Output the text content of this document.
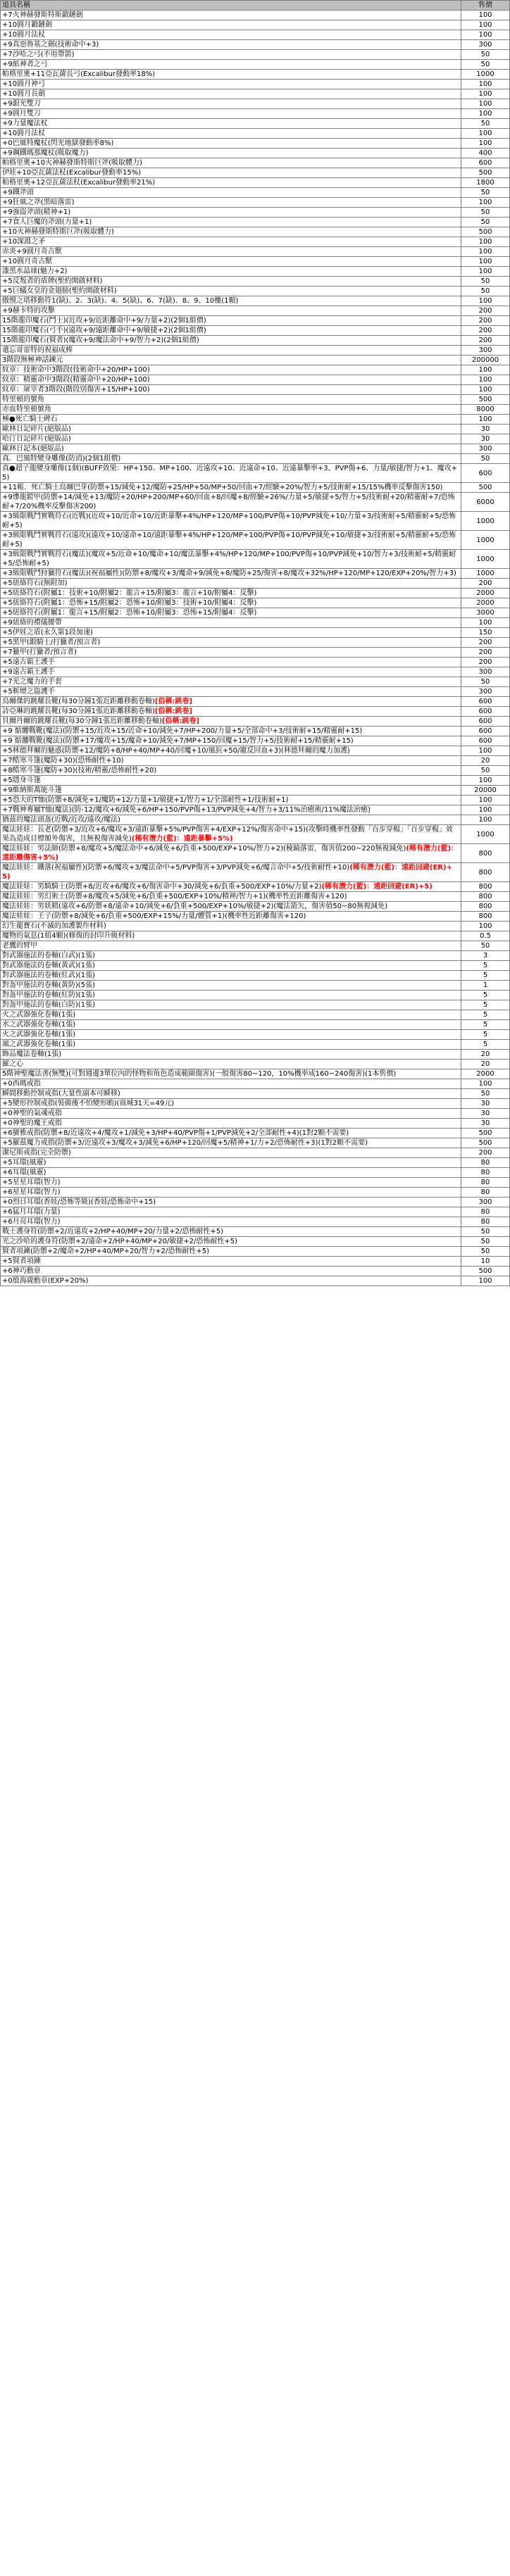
道具名稱	售價
+7火神赫發斯特斯鍛鏈劍	100
+10圓月鍛鏈劍	100
+10圓月法杖	100
+9真惡魯基之劍(技術命中+3)	300
+7沙哈之弓(不用帶箭)	50
+9紙神者之弓	50
帕格里奧+11亞瓦薩長弓(Excalibur發動率18%)	1000
+10圓月神弓	100
+10圓月長劍	100
+9銀光雙刀	100
+9圓月雙刀	100
+9力量魔法杖	50
+10圓月法杖	100
+0巴風特魔杖(閃光地獄發動率8%)	100
+9鋼鐵瑪那魔杖(吸取魔力)	400
帕格里奧+10火神赫發斯特斯巨斧(吸取體力)	600
伊娃+10亞瓦薩法杖(Excalibur發動率15%)	500
帕格里奧+12亞瓦薩法杖(Excalibur發動率21%)	1800
+9鐵斧頭	50
+9狂風之斧(黑暗落雷)	100
+9強盜斧頭(精神+1)	50
+7食人巨魔的斧頭(力量+1)	50
+10火神赫發斯特斯巨斧(吸取體力)	500
+10深淵之矛	100
赤炎+9圓月奇古獸	100
+10圓月奇古獸	100
漆黑水晶球(魅力+2)	100
+5反叛者的盾牌(聖約開啟材料)	50
+5巨蟻女皇的金翅膀(聖約開啟材料)	50
傲慢之塔移動符1(缺)、2、3(缺)、4、5(缺)、6、7(缺)、8、9、10樓(1顆)	100
+9赫卡特的攻擊	200
15階龍印魔石(鬥士)(近攻+9/近距離命中+9/力量+2)(2個1組價)	200
15階龍印魔石(弓手)(遠攻+9/遠距離命中+9/敏捷+2)(2個1組價)	200
15階龍印魔石(賢者)(魔攻+9/魔法命中+9/智力+2)(2個1組價)	200
遺忘哥雷特的祝福成棒	300
3階段無極神話鍊元	200000
紋章：技術命中3階段(技術命中+20/HP+100)	100
紋章：精靈命中3階段(精靈命中+20/HP+100)	100
紋章：屠宰者3階段(階段別傷害+15/HP+100)	100
特里頓的號角	500
赤血特里頓號角	8000
極●死亡騎士碑石	100
歐林日記碎片(絕版品)	30
哈汀日記碎片(絕版品)	30
歐林日記本(絕版品)	300
真．巴風特變身雕像(防消)(2個1組價)	50
真●超子龍變身雕像(1個)(BUFF效果：HP+150、MP+100、近遠攻+10、近遠命+10、近遠暴擊率+3、PVP傷+6、力量/敏捷/智力+1、魔攻+5)	600
+11帳．死亡騎士烏爾巴芽(防禦+15/減免+12/魔防+25/HP+50/MP+50/回血+7/經驗+20%/智力+5/技術耐+15/15%機率反擊傷害150)	500
+9慘龍鎧甲(防禦+14/減免+13/魔防+20/HP+200/MP+60/回血+8/回魔+8/經驗+26%/力量+5/敏捷+5/智力+5/技術耐+20/精靈耐+7/恐怖耐+7/20%機率反擊傷害200)	6000
+3級限戰鬥實戰符石(近戰)(近攻+10/近命+10/近距暴擊+4%/HP+120/MP+100/PVP傷+10/PVP減免+10/力量+3/技術耐+5/精靈耐+5/恐怖耐+5)	1000
+3級限戰鬥實戰符石(遠攻)(遠攻+10/遠命+10/遠距暴擊+4%/HP+120/MP+100/PVP傷+10/PVP減免+10/敏捷+3/技術耐+5/精靈耐+5/恐怖耐+5)	1000
+3級限戰鬥實戰符石(魔法)(魔攻+5/近命+10/魔命+10/魔法暴擊+4%/HP+120/MP+100/PVP傷+10/PVP減免+10/智力+3/技術耐+5/精靈耐+5/恐怖耐+5)	1000
+3級限戰鬥狩獵符石(魔法)(祝福屬性)(防禦+8/魔攻+3/魔命+9/減免+8/魔防+25/傷害+8/魔攻+32%/HP+120/MP+120/EXP+20%/智力+3)	1000
+5紐絡符石(無附加)	200
+5紐絡符石(附屬1：技術+10/附屬2：龍言+15/附屬3：龍言+10/附屬4：反擊)	2000
+5紐絡符石(附屬1：恐怖+15/附屬2：恐怖+10/附屬3：技術+10/附屬4：反擊)	2000
+5紐絡符石(附屬1：龍言+15/附屬2：恐怖+10/附屬3：恐怖+15/附屬4：反擊)	3000
+9紐絡的禮儀腰帶	100
+5伊娃之盾(永久第1段加速)	150
+5黑甲(銀騎士/打獵者/預言者)	200
+7獵甲(打獵者/預言者)	200
+5遠古霸王護手	200
+9遠古霸王護手	300
+7光之魔力的手套	50
+5斬增之盜護手	300
烏爾傑的跳耀長靴(每30分鐘1張近距離移動卷軸)[俗稱:跳卷]	600
詩亞琳的跳耀長靴(每30分鐘1張近距離移動卷軸)[俗稱:跳卷]	600
貝爾丹爾的跳耀長靴(每30分鐘1張近距離移動卷軸)[俗稱:跳卷]	600
+9 骷髏戰靴(魔法)(防禦+15/近攻+15/近命+10/減免+7/HP+200/力量+5/全部命中+3/技術耐+15/精靈耐+15)	600
+9 骷髏戰靴(魔法)(防禦+17/魔攻+15/魔命+10/減免+7/MP+150/回魔+15/智力+5/技術耐+15/精靈耐+15)	600
+5林德拜爾的魅惑(防禦+12/魔防+8/HP+40/MP+40/回魔+10/風抗+50/寵反回血+3)(林德拜爾的魔力加護)	100
+7酷寒斗篷(魔防+30)(恐怖耐性+10)	20
+8酷寒斗篷(魔防+30)(技術/精靈/恐怖耐性+20)	50
+5隱身斗篷	100
+9維納斯萬能斗篷	20000
+5恐夫的T恤(防禦+8/減免+1/魔防+12/力量+1/敏捷+1/智力+1/全部耐性+1/技術耐+1)	100
+7戰神專屬T恤(魔法)(防-12/魔攻+6/減免+6/HP+150/PVP傷+13/PVP減免+4/智力+3/11%治癒術/11%魔法治癒)	100
猶茲的魔法頭盔(近戰/近攻/遠攻/魔法)	100
魔法娃娃：長老(防禦+3/近攻+6/魔攻+3/遠距暴擊+5%/PVP傷害+4/EXP+12%/傷害命中+15)(攻擊時機率性發動「百步穿楊」「百步穿楊」效果為造成目標額外傷害，且無視傷害減免)(稀有潛力(藍)：遠距暴擊+5%)	1000
魔法娃娃：男法師(防禦+8/魔攻+5/魔法命中+6/減免+6/負重+500/EXP+10%/智力+2)(稜鏡落雷，傷害值200~220無視減免)(稀有潛力(藍)：遠距離傷害+5%)	800
魔法娃娃：鐵落(祝福屬性)(防禦+6/魔攻+3/魔法命中+5/PVP傷害+3/PVP減免+6/魔言命中+5/技術耐性+10)(稀有潛力(藍)：遠距回避(ER)+5)	800
魔法娃娃：男騎騎士(防禦+8/近攻+6/魔攻+6/傷害命中+30/減免+6/負重+500/EXP+10%/力量+2)(稀有潛力(藍)：遠距回避(ER)+5)	800
魔法娃娃：男幻術士(防禦+8/魔攻+5/減免+6/負重+500/EXP+10%/精神/智力+1)(機率性近距離傷害+120)	800
魔法娃娃：男妖精(遠攻+6/防禦+8/遠命+10/減免+6/負重+500/EXP+10%/敏捷+2)(魔法箭矢，傷害值50~80無視減免)	800
魔法娃娃：王子(防禦+8/減免+6/負重+500/EXP+15%/力量/體質+1)(機率性近距離傷害+120)	800
幻生龍寶石(不滅的加護製作材料)	100
魔物的氣息(1組4顆)(修復的封印升級材料)	0.5
老鷹的臂甲	50
對武器施法的卷軸(白武)(1張)	3
對武器施法的卷軸(黃武)(1張)	5
對武器施法的卷軸(紅武)(1張)	5
對盔甲施法的卷軸(黃防)(5張)	1
對盔甲施法的卷軸(紅防)(1張)	5
對盔甲施法的卷軸(白防)(1張)	5
火之武器強化卷軸(1張)	5
水之武器強化卷軸(1張)	5
火之武器強化卷軸(1張)	5
風之武器強化卷軸(1張)	5
飾品魔法卷軸(1張)	20
羅之心	20
5階神聖魔法書(無雙)(可對週邊3單位內的怪物和角色造成範圍傷害)(一般傷害80~120，10%機率成160~240傷害)(1本售價)	2000
+0西瑪戒指	100
瞬間移動控制戒指(大量性副本可瞬移)	50
+5變形控制戒指(裝備後不怕變形喲)(商城31天=49元)	30
+0神聖的氣魂戒指	30
+0神聖的魔王戒指	30
+6蠻雅戒指(防禦+8/近遠攻+4/魔攻+1/減免+3/HP+40/PVP傷+1/PVP減免+2/全部耐性+4)(1對2顆不需要)	500
+5羅茲魔力戒指(防禦+3/近遠攻+3/魔攻+3/減免+6/HP+120/回魔+5/精神+1/力+2/恐怖耐性+3)(1對2顆不需要)	500
潔尼斯戒指(完全防禦)	200
+5耳環(風靈)	80
+6耳環(風靈)	80
+5星星耳環(智力)	80
+6星星耳環(智力)	80
+0烈日耳環(香娃/恐怖等級)(香娃/恐怖命中+15)	300
+6猛月耳環(力量)	80
+6月亮耳環(智力)	80
戰士護身符(防禦+2/近遠攻+2/HP+40/MP+20/力量+2/恐怖耐性+5)	50
光之沙哈的護身符(防禦+2/遠命+2/HP+40/MP+20/敏捷+2/恐怖耐性+5)	50
賢者項鍊(防禦+2/魔命+2/HP+40/MP+20/智力+2/恐怖耐性+5)	50
+5賢者項鍊	10
+6神巧勳章	500
+0殷海薩勳章(EXP+20%)	100
